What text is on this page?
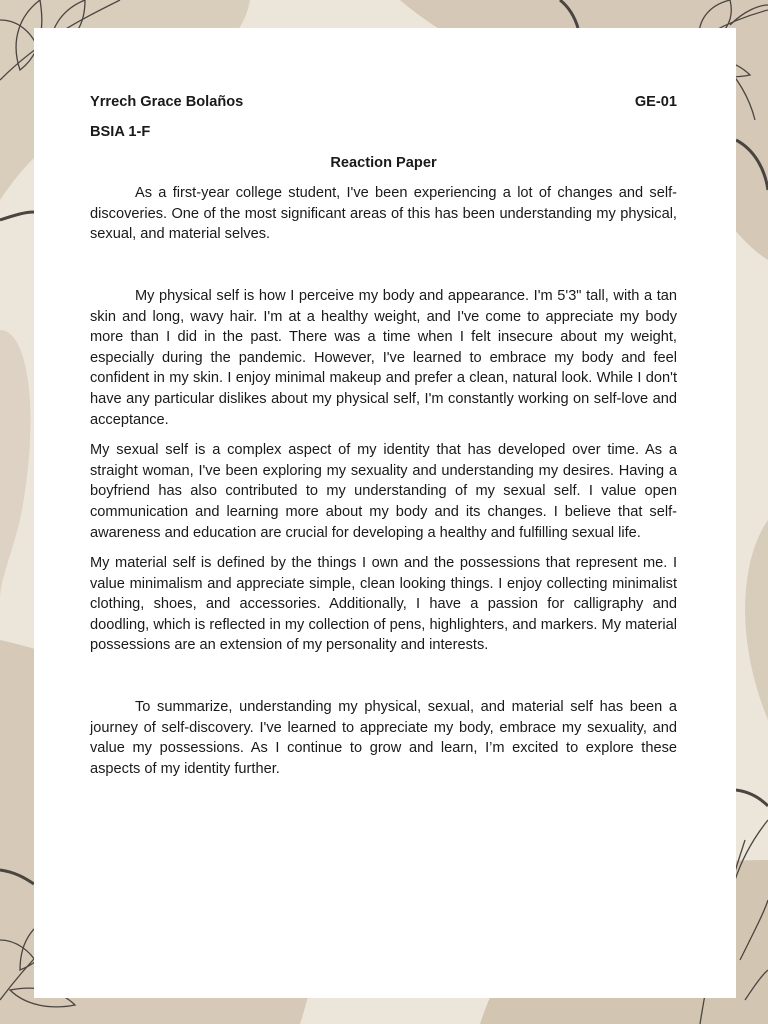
Yrrech Grace Bolaños	GE-01
BSIA 1-F
Reaction Paper

As a first-year college student, I've been experiencing a lot of changes and self-discoveries. One of the most significant areas of this has been understanding my physical, sexual, and material selves.

My physical self is how I perceive my body and appearance. I'm 5'3" tall, with a tan skin and long, wavy hair. I'm at a healthy weight, and I've come to appreciate my body more than I did in the past. There was a time when I felt insecure about my weight, especially during the pandemic. However, I've learned to embrace my body and feel confident in my skin. I enjoy minimal makeup and prefer a clean, natural look. While I don't have any particular dislikes about my physical self, I'm constantly working on self-love and acceptance.

My sexual self is a complex aspect of my identity that has developed over time. As a straight woman, I've been exploring my sexuality and understanding my desires. Having a boyfriend has also contributed to my understanding of my sexual self. I value open communication and learning more about my body and its changes. I believe that self-awareness and education are crucial for developing a healthy and fulfilling sexual life.

My material self is defined by the things I own and the possessions that represent me. I value minimalism and appreciate simple, clean looking things. I enjoy collecting minimalist clothing, shoes, and accessories. Additionally, I have a passion for calligraphy and doodling, which is reflected in my collection of pens, highlighters, and markers. My material possessions are an extension of my personality and interests.

To summarize, understanding my physical, sexual, and material self has been a journey of self-discovery. I've learned to appreciate my body, embrace my sexuality, and value my possessions. As I continue to grow and learn, I’m excited to explore these aspects of my identity further.
